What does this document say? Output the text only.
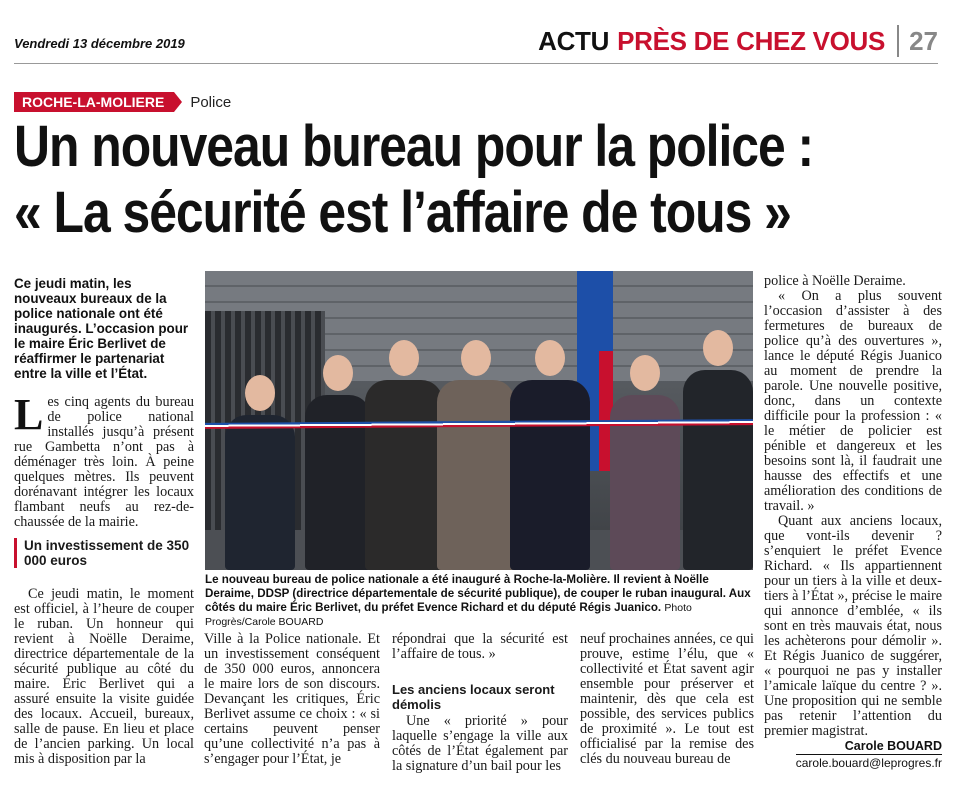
Vendredi 13 décembre 2019	ACTU PRÈS DE CHEZ VOUS 27
ROCHE-LA-MOLIERE	Police
Un nouveau bureau pour la police :
« La sécurité est l’affaire de tous »
Ce jeudi matin, les nouveaux bureaux de la police nationale ont été inaugurés. L’occasion pour le maire Éric Berlivet de réaffirmer le partenariat entre la ville et l’État.
Les cinq agents du bureau de police national installés jusqu’à présent rue Gambetta n’ont pas à déménager très loin. À peine quelques mètres. Ils peuvent dorénavant intégrer les locaux flambant neufs au rez-de-chaussée de la mairie.
Un investissement de 350 000 euros

Ce jeudi matin, le moment est officiel, à l’heure de couper le ruban. Un honneur qui revient à Noëlle Deraime, directrice départementale de la sécurité publique au côté du maire. Éric Berlivet qui a assuré ensuite la visite guidée des locaux. Accueil, bureaux, salle de pause. En lieu et place de l’ancien parking. Un local mis à disposition par la

Le nouveau bureau de police nationale a été inauguré à Roche-la-Molière. Il revient à Noëlle Deraime, DDSP (directrice départementale de sécurité publique), de couper le ruban inaugural. Aux côtés du maire Éric Berlivet, du préfet Evence Richard et du député Régis Juanico. Photo Progrès/Carole BOUARD

Ville à la Police nationale. Et un investissement conséquent de 350 000 euros, annoncera le maire lors de son discours. Devançant les critiques, Éric Berlivet assume ce choix : « si certains peuvent penser qu’une collectivité n’a pas à s’engager pour l’État, je

répondrai que la sécurité est l’affaire de tous. »

Les anciens locaux seront démolis

Une « priorité » pour laquelle s’engage la ville aux côtés de l’État également par la signature d’un bail pour les

neuf prochaines années, ce qui prouve, estime l’élu, que « collectivité et État savent agir ensemble pour préserver et maintenir, dès que cela est possible, des services publics de proximité ». Le tout est officialisé par la remise des clés du nouveau bureau de

police à Noëlle Deraime.

« On a plus souvent l’occasion d’assister à des fermetures de bureaux de police qu’à des ouvertures », lance le député Régis Juanico au moment de prendre la parole. Une nouvelle positive, donc, dans un contexte difficile pour la profession : « le métier de policier est pénible et dangereux et les besoins sont là, il faudrait une hausse des effectifs et une amélioration des conditions de travail. »

Quant aux anciens locaux, que vont-ils devenir ? s’enquiert le préfet Evence Richard. « Ils appartiennent pour un tiers à la ville et deux-tiers à l’État », précise le maire qui annonce d’emblée, « ils sont en très mauvais état, nous les achèterons pour démolir ». Et Régis Juanico de suggérer, « pourquoi ne pas y installer l’amicale laïque du centre ? ». Une proposition qui ne semble pas retenir l’attention du premier magistrat.

Carole BOUARD
carole.bouard@leprogres.fr
